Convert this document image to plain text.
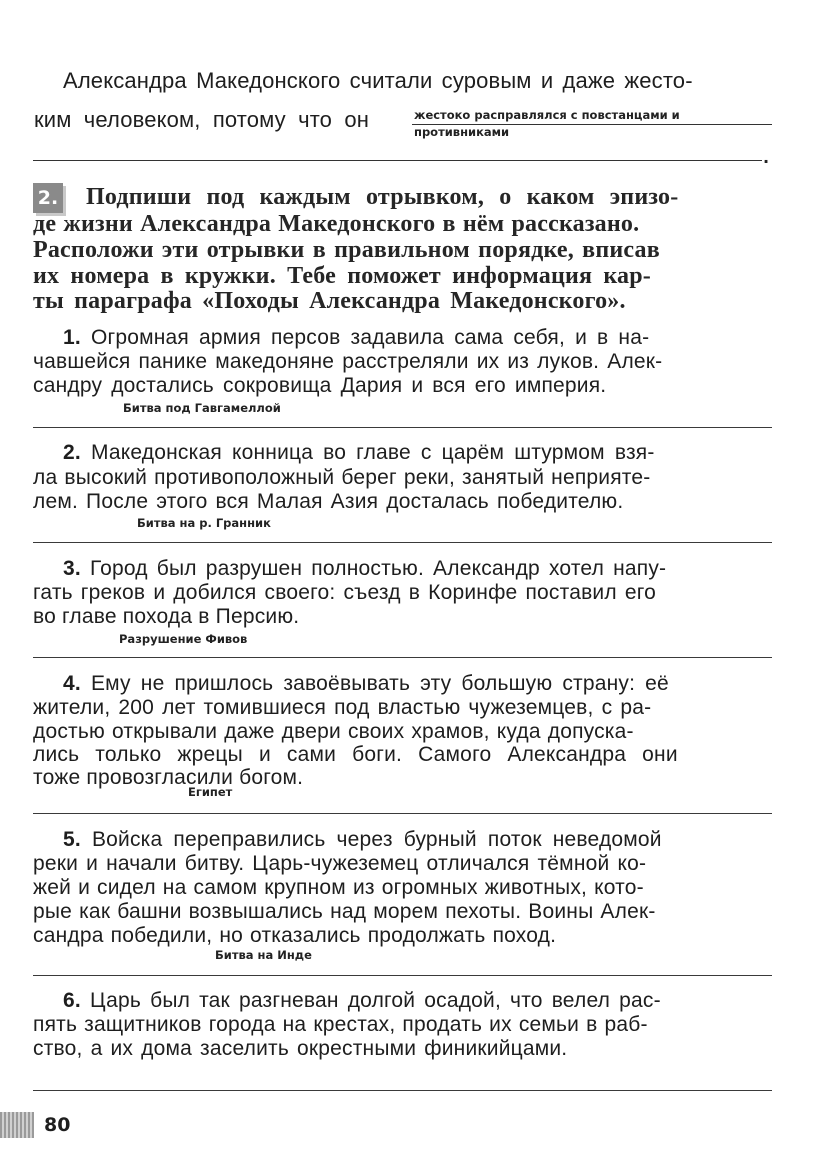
Александра Македонского считали суровым и даже жесто-
ким человеком, потому что он	жестоко расправлялся с повстанцами и
противниками
.
2. Подпиши под каждым отрывком, о каком эпизо-
де жизни Александра Македонского в нём рассказано.
Расположи эти отрывки в правильном порядке, вписав
их номера в кружки. Тебе поможет информация кар-
ты параграфа «Походы Александра Македонского».
1. Огромная армия персов задавила сама себя, и в на-
чавшейся панике македоняне расстреляли их из луков. Алек-
сандру достались сокровища Дария и вся его империя.
Битва под Гавгамеллой
2. Македонская конница во главе с царём штурмом взя-
ла высокий противоположный берег реки, занятый неприяте-
лем. После этого вся Малая Азия досталась победителю.
Битва на р. Гранник
3. Город был разрушен полностью. Александр хотел напу-
гать греков и добился своего: съезд в Коринфе поставил его
во главе похода в Персию.
Разрушение Фивов
4. Ему не пришлось завоёвывать эту большую страну: её
жители, 200 лет томившиеся под властью чужеземцев, с ра-
достью открывали даже двери своих храмов, куда допуска-
лись только жрецы и сами боги. Самого Александра они
тоже провозгласили богом.
Египет
5. Войска переправились через бурный поток неведомой
реки и начали битву. Царь-чужеземец отличался тёмной ко-
жей и сидел на самом крупном из огромных животных, кото-
рые как башни возвышались над морем пехоты. Воины Алек-
сандра победили, но отказались продолжать поход.
Битва на Инде
6. Царь был так разгневан долгой осадой, что велел рас-
пять защитников города на крестах, продать их семьи в раб-
ство, а их дома заселить окрестными финикийцами.
80
